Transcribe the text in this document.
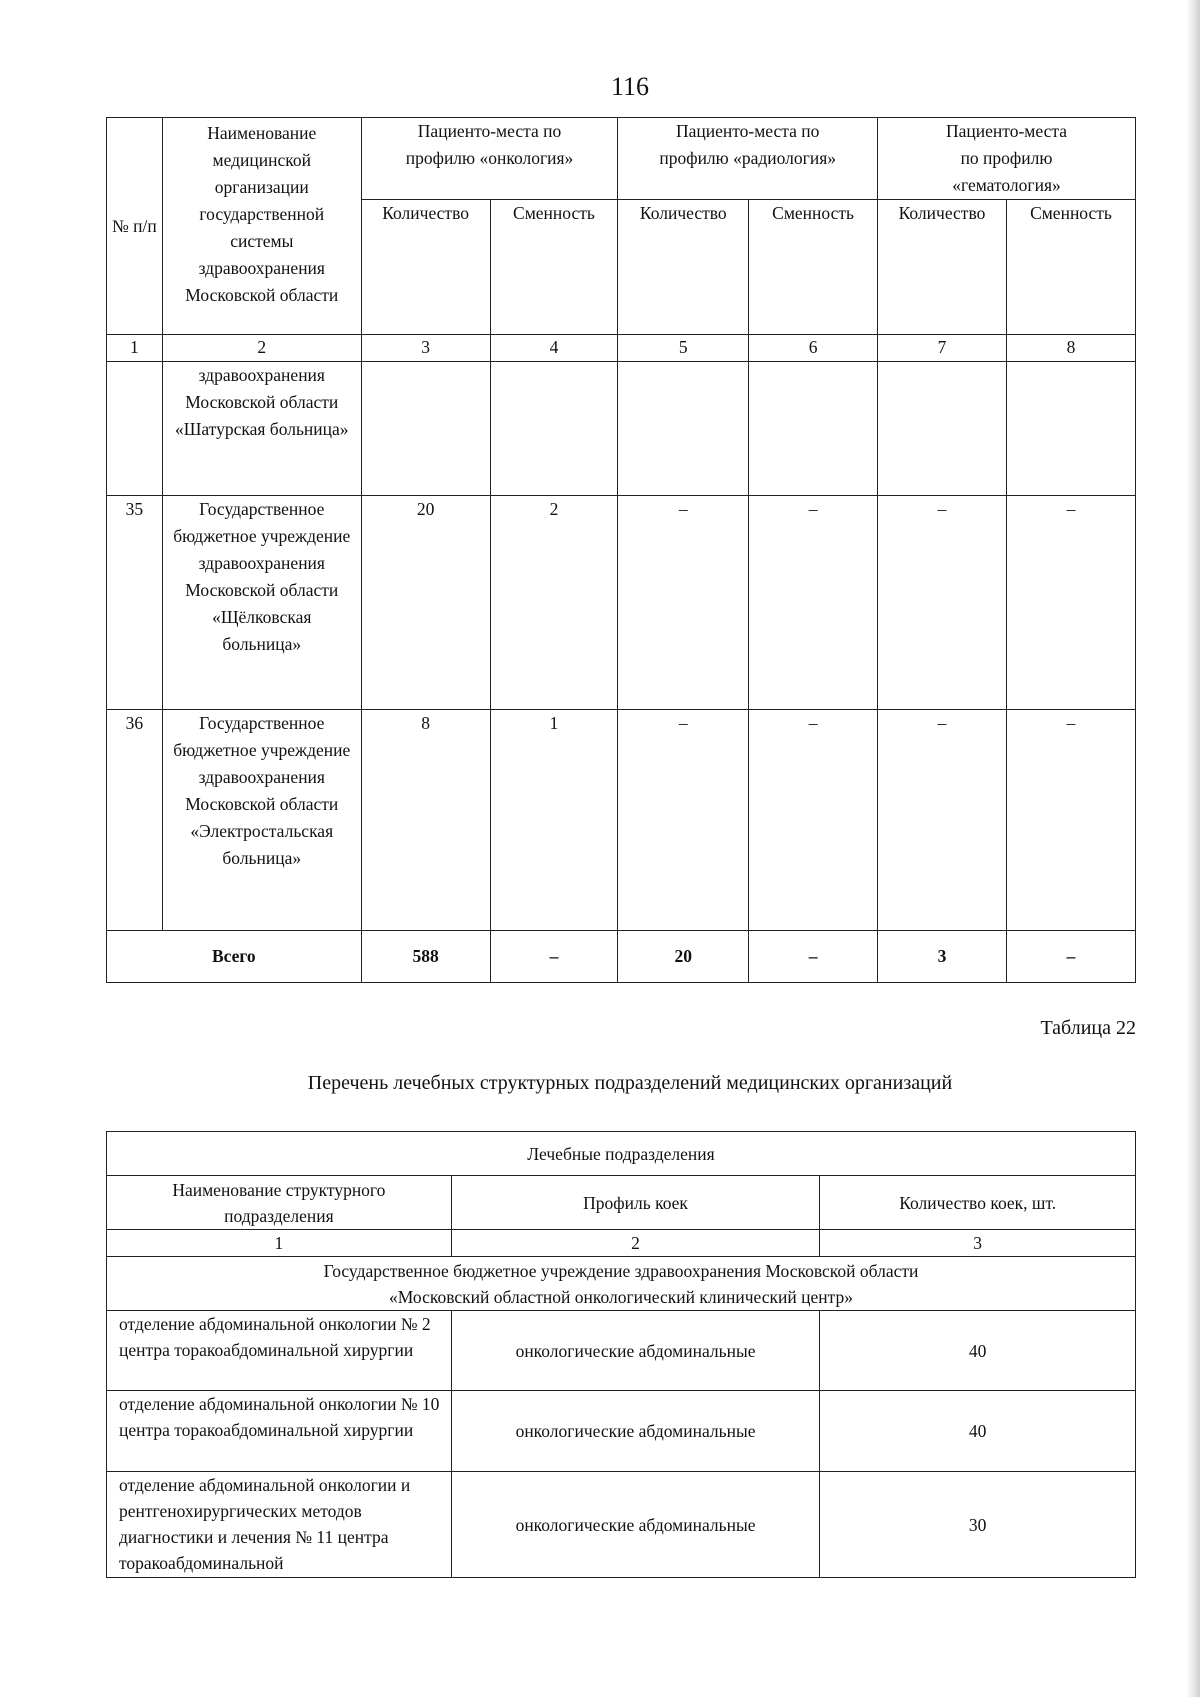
116
№ п/п	Наименование медицинской организации государственной системы здравоохранения Московской области	Пациенто-места по профилю «онкология»		Пациенто-места по профилю «радиология»		Пациенто-места по профилю «гематология»	
		Количество	Сменность	Количество	Сменность	Количество	Сменность
1	2	3	4	5	6	7	8
	здравоохранения Московской области «Шатурская больница»						
35	Государственное бюджетное учреждение здравоохранения Московской области «Щёлковская больница»	20	2	–	–	–	–
36	Государственное бюджетное учреждение здравоохранения Московской области «Электростальская больница»	8	1	–	–	–	–
Всего		588	–	20	–	3	–
Таблица 22
Перечень лечебных структурных подразделений медицинских организаций
Лечебные подразделения		
Наименование структурного подразделения	Профиль коек	Количество коек, шт.
1	2	3

Государственное бюджетное учреждение здравоохранения Московской области
«Московский областной онкологический клинический центр»		

отделение абдоминальной онкологии № 2 центра торакоабдоминальной хирургии	онкологические абдоминальные	40
отделение абдоминальной онкологии № 10 центра торакоабдоминальной хирургии	онкологические абдоминальные	40
отделение абдоминальной онкологии и рентгенохирургических методов диагностики и лечения № 11 центра торакоабдоминальной	онкологические абдоминальные	30
